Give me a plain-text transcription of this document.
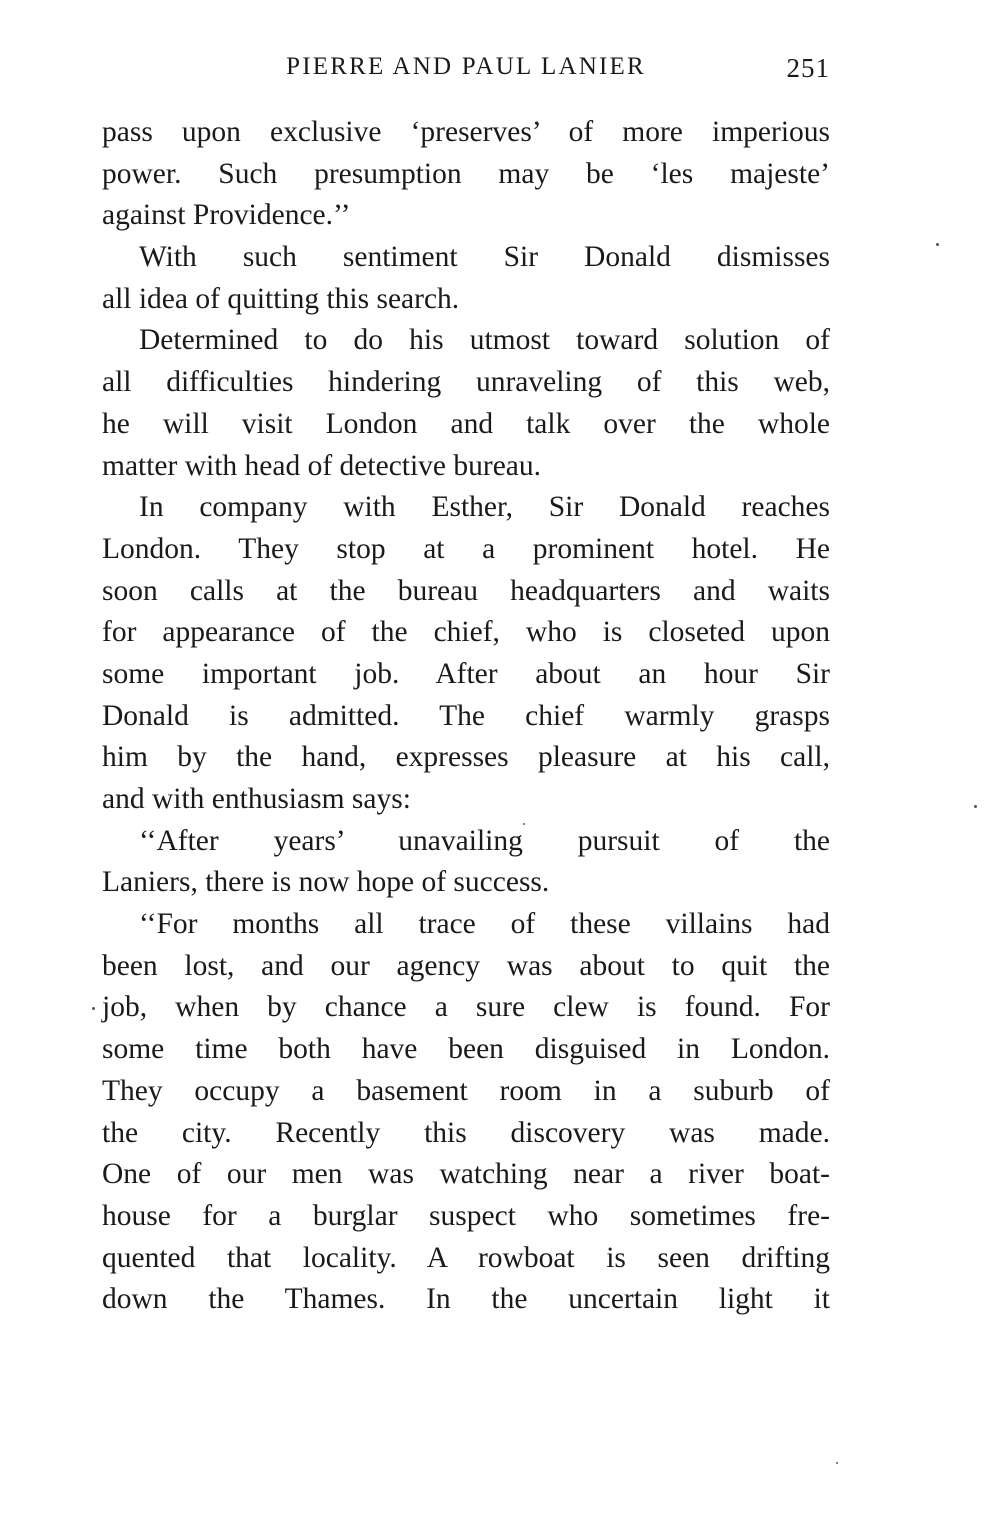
PIERRE AND PAUL LANIER	251
pass upon exclusive ‘preserves’ of more imperious
power. Such presumption may be ‘les majeste’
against Providence.’’
With such sentiment Sir Donald dismisses
all idea of quitting this search.
Determined to do his utmost toward solution of
all difficulties hindering unraveling of this web,
he will visit London and talk over the whole
matter with head of detective bureau.
In company with Esther, Sir Donald reaches
London. They stop at a prominent hotel. He
soon calls at the bureau headquarters and waits
for appearance of the chief, who is closeted upon
some important job. After about an hour Sir
Donald is admitted. The chief warmly grasps
him by the hand, expresses pleasure at his call,
and with enthusiasm says:
‘‘After years’ unavailing pursuit of the
Laniers, there is now hope of success.
‘‘For months all trace of these villains had
been lost, and our agency was about to quit the
job, when by chance a sure clew is found. For
some time both have been disguised in London.
They occupy a basement room in a suburb of
the city. Recently this discovery was made.
One of our men was watching near a river boat-
house for a burglar suspect who sometimes fre-
quented that locality. A rowboat is seen drifting
down the Thames. In the uncertain light it
